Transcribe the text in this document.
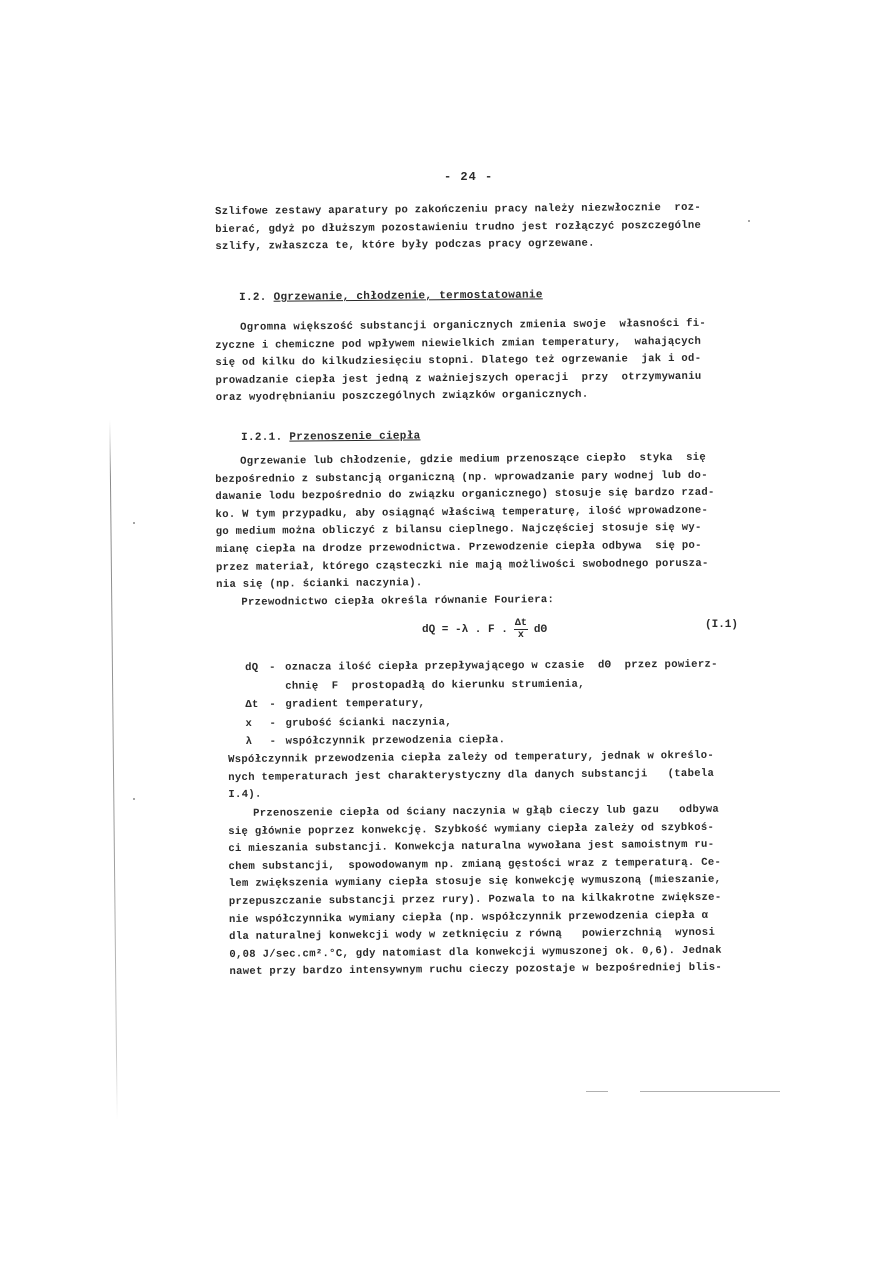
- 24 -
Szlifowe zestawy aparatury po zakończeniu pracy należy niezwłocznie  roz-
bierać, gdyż po dłuższym pozostawieniu trudno jest rozłączyć poszczególne
szlify, zwłaszcza te, które były podczas pracy ogrzewane.
I.2. Ogrzewanie, chłodzenie, termostatowanie
Ogromna większość substancji organicznych zmienia swoje  własności fi-
zyczne i chemiczne pod wpływem niewielkich zmian temperatury,  wahających
się od kilku do kilkudziesięciu stopni. Dlatego też ogrzewanie  jak i od-
prowadzanie ciepła jest jedną z ważniejszych operacji  przy  otrzymywaniu
oraz wyodrębnianiu poszczególnych związków organicznych.
I.2.1. Przenoszenie ciepła
Ogrzewanie lub chłodzenie, gdzie medium przenoszące ciepło  styka  się
bezpośrednio z substancją organiczną (np. wprowadzanie pary wodnej lub do-
dawanie lodu bezpośrednio do związku organicznego) stosuje się bardzo rzad-
ko. W tym przypadku, aby osiągnąć właściwą temperaturę, ilość wprowadzone-
go medium można obliczyć z bilansu cieplnego. Najczęściej stosuje się wy-
mianę ciepła na drodze przewodnictwa. Przewodzenie ciepła odbywa  się po-
przez materiał, którego cząsteczki nie mają możliwości swobodnego porusza-
nia się (np. ścianki naczynia).
Przewodnictwo ciepła określa równanie Fouriera:
dQ = -λ . F . $\frac{\Delta t}{x}$ dΘ	(I.1)
dQ - oznacza ilość ciepła przepływającego w czasie  dΘ  przez powierz-
chnię  F  prostopadłą do kierunku strumienia,
Δt - gradient temperatury,
x	- grubość ścianki naczynia,
λ	- współczynnik przewodzenia ciepła.
Współczynnik przewodzenia ciepła zależy od temperatury, jednak w określo-
nych temperaturach jest charakterystyczny dla danych substancji   (tabela
I.4).
Przenoszenie ciepła od ściany naczynia w głąb cieczy lub gazu   odbywa
się głównie poprzez konwekcję. Szybkość wymiany ciepła zależy od szybkoś-
ci mieszania substancji. Konwekcja naturalna wywołana jest samoistnym ru-
chem substancji,  spowodowanym np. zmianą gęstości wraz z temperaturą. Ce-
lem zwiększenia wymiany ciepła stosuje się konwekcję wymuszoną (mieszanie,
przepuszczanie substancji przez rury). Pozwala to na kilkakrotne zwiększe-
nie współczynnika wymiany ciepła (np. współczynnik przewodzenia ciepła α
dla naturalnej konwekcji wody w zetknięciu z równą   powierzchnią  wynosi
0,08 J/sec.cm².°C, gdy natomiast dla konwekcji wymuszonej ok. 0,6). Jednak
nawet przy bardzo intensywnym ruchu cieczy pozostaje w bezpośredniej blis-
